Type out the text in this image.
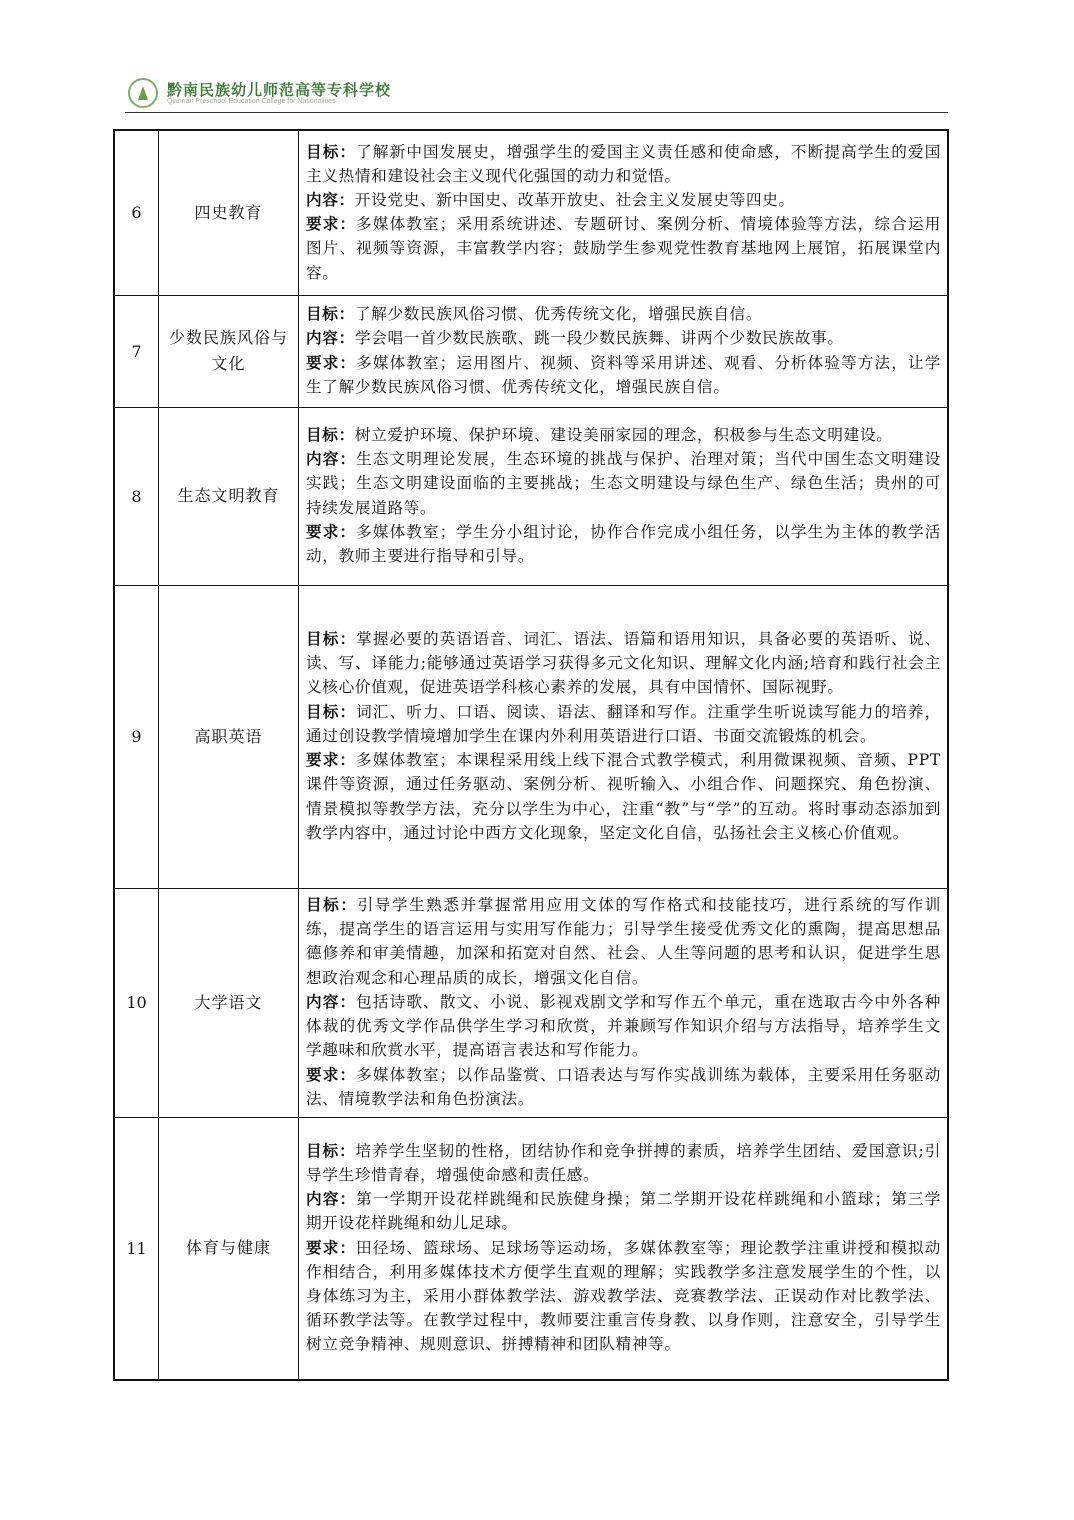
黔南民族幼儿师范高等专科学校
Qiannan Preschool Education College for Nationalities
6	四史教育	目标：了解新中国发展史，增强学生的爱国主义责任感和使命感，不断提高学生的爱国主义热情和建设社会主义现代化强国的动力和觉悟。

内容：开设党史、新中国史、改革开放史、社会主义发展史等四史。

要求：多媒体教室；采用系统讲述、专题研讨、案例分析、情境体验等方法，综合运用图片、视频等资源，丰富教学内容；鼓励学生参观党性教育基地网上展馆，拓展课堂内容。

7	少数民族风俗与文化	目标：了解少数民族风俗习惯、优秀传统文化，增强民族自信。

内容：学会唱一首少数民族歌、跳一段少数民族舞、讲两个少数民族故事。

要求：多媒体教室；运用图片、视频、资料等采用讲述、观看、分析体验等方法，让学生了解少数民族风俗习惯、优秀传统文化，增强民族自信。

8	生态文明教育	目标：树立爱护环境、保护环境、建设美丽家园的理念，积极参与生态文明建设。

内容：生态文明理论发展，生态环境的挑战与保护、治理对策；当代中国生态文明建设实践；生态文明建设面临的主要挑战；生态文明建设与绿色生产、绿色生活；贵州的可持续发展道路等。

要求：多媒体教室；学生分小组讨论，协作合作完成小组任务，以学生为主体的教学活动，教师主要进行指导和引导。

9	高职英语	目标：掌握必要的英语语音、词汇、语法、语篇和语用知识，具备必要的英语听、说、读、写、译能力;能够通过英语学习获得多元文化知识、理解文化内涵;培育和践行社会主义核心价值观，促进英语学科核心素养的发展，具有中国情怀、国际视野。

目标：词汇、听力、口语、阅读、语法、翻译和写作。注重学生听说读写能力的培养，通过创设教学情境增加学生在课内外利用英语进行口语、书面交流锻炼的机会。

要求：多媒体教室；本课程采用线上线下混合式教学模式，利用微课视频、音频、PPT 课件等资源，通过任务驱动、案例分析、视听输入、小组合作、问题探究、角色扮演、情景模拟等教学方法，充分以学生为中心，注重“教”与“学”的互动。将时事动态添加到教学内容中，通过讨论中西方文化现象，坚定文化自信，弘扬社会主义核心价值观。

10	大学语文	目标：引导学生熟悉并掌握常用应用文体的写作格式和技能技巧，进行系统的写作训练，提高学生的语言运用与实用写作能力；引导学生接受优秀文化的熏陶，提高思想品德修养和审美情趣，加深和拓宽对自然、社会、人生等问题的思考和认识，促进学生思想政治观念和心理品质的成长，增强文化自信。

内容：包括诗歌、散文、小说、影视戏剧文学和写作五个单元，重在选取古今中外各种体裁的优秀文学作品供学生学习和欣赏，并兼顾写作知识介绍与方法指导，培养学生文学趣味和欣赏水平，提高语言表达和写作能力。

要求：多媒体教室；以作品鉴赏、口语表达与写作实战训练为载体，主要采用任务驱动法、情境教学法和角色扮演法。

11	体育与健康	目标：培养学生坚韧的性格，团结协作和竞争拼搏的素质，培养学生团结、爱国意识;引导学生珍惜青春，增强使命感和责任感。

内容：第一学期开设花样跳绳和民族健身操；第二学期开设花样跳绳和小篮球；第三学期开设花样跳绳和幼儿足球。

要求：田径场、篮球场、足球场等运动场，多媒体教室等；理论教学注重讲授和模拟动作相结合，利用多媒体技术方便学生直观的理解；实践教学多注意发展学生的个性，以身体练习为主，采用小群体教学法、游戏教学法、竞赛教学法、正误动作对比教学法、循环教学法等。在教学过程中，教师要注重言传身教、以身作则，注意安全，引导学生树立竞争精神、规则意识、拼搏精神和团队精神等。
